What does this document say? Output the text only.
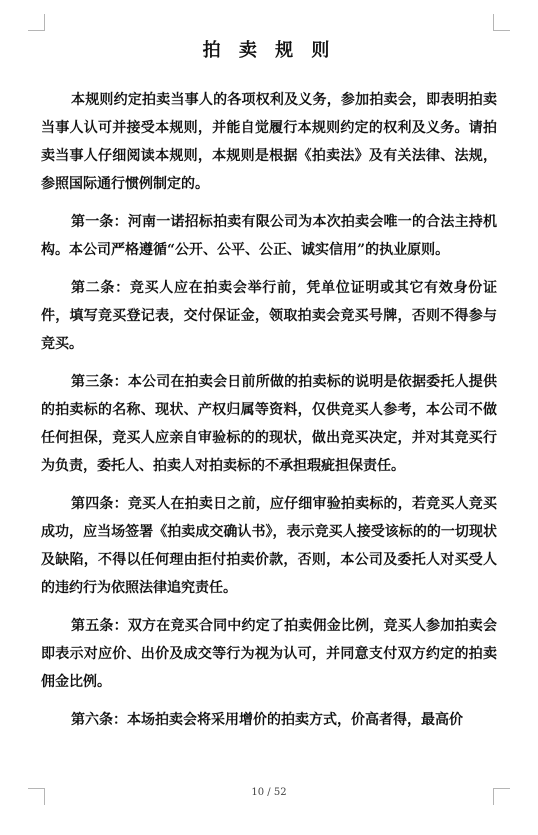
拍 卖 规 则

本规则约定拍卖当事人的各项权利及义务，参加拍卖会，即表明拍卖当事人认可并接受本规则，并能自觉履行本规则约定的权利及义务。请拍卖当事人仔细阅读本规则，本规则是根据《拍卖法》及有关法律、法规，参照国际通行惯例制定的。

第一条：河南一诺招标拍卖有限公司为本次拍卖会唯一的合法主持机构。本公司严格遵循“公开、公平、公正、诚实信用”的执业原则。

第二条：竞买人应在拍卖会举行前，凭单位证明或其它有效身份证件，填写竞买登记表，交付保证金，领取拍卖会竞买号牌，否则不得参与竞买。

第三条：本公司在拍卖会日前所做的拍卖标的说明是依据委托人提供的拍卖标的名称、现状、产权归属等资料，仅供竞买人参考，本公司不做任何担保，竞买人应亲自审验标的的现状，做出竞买决定，并对其竞买行为负责，委托人、拍卖人对拍卖标的不承担瑕疵担保责任。

第四条：竞买人在拍卖日之前，应仔细审验拍卖标的，若竞买人竞买成功，应当场签署《拍卖成交确认书》，表示竞买人接受该标的的一切现状及缺陷，不得以任何理由拒付拍卖价款，否则，本公司及委托人对买受人的违约行为依照法律追究责任。

第五条：双方在竞买合同中约定了拍卖佣金比例，竞买人参加拍卖会即表示对应价、出价及成交等行为视为认可，并同意支付双方约定的拍卖佣金比例。

第六条：本场拍卖会将采用增价的拍卖方式，价高者得，最高价

10 / 52
